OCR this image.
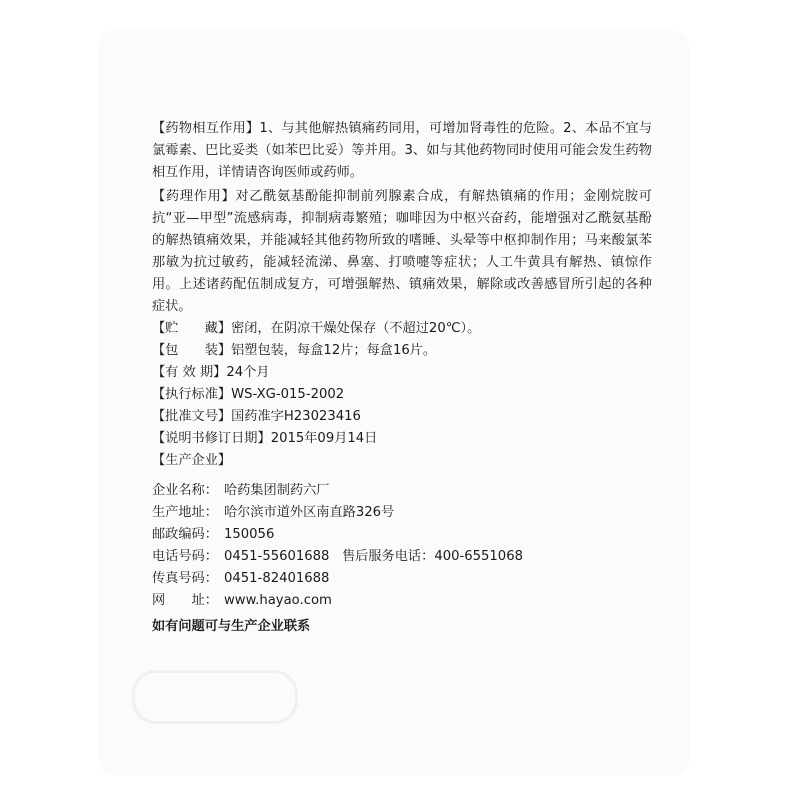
【药物相互作用】1、与其他解热镇痛药同用，可增加肾毒性的危险。2、本品不宜与氯霉素、巴比妥类（如苯巴比妥）等并用。3、如与其他药物同时使用可能会发生药物相互作用，详情请咨询医师或药师。

【药理作用】对乙酰氨基酚能抑制前列腺素合成，有解热镇痛的作用；金刚烷胺可抗“亚—甲型”流感病毒，抑制病毒繁殖；咖啡因为中枢兴奋药，能增强对乙酰氨基酚的解热镇痛效果，并能减轻其他药物所致的嗜睡、头晕等中枢抑制作用；马来酸氯苯那敏为抗过敏药，能减轻流涕、鼻塞、打喷嚏等症状；人工牛黄具有解热、镇惊作用。上述诸药配伍制成复方，可增强解热、镇痛效果，解除或改善感冒所引起的各种症状。

【贮　　藏】密闭，在阴凉干燥处保存（不超过20℃）。
【包　　装】铝塑包装，每盒12片；每盒16片。
【有 效 期】24个月
【执行标准】WS-XG-015-2002
【批准文号】国药准字H23023416
【说明书修订日期】2015年09月14日
【生产企业】
企业名称： 哈药集团制药六厂
生产地址： 哈尔滨市道外区南直路326号
邮政编码： 150056
电话号码： 0451-55601688 售后服务电话：400-6551068
传真号码： 0451-82401688
网　　址： www.hayao.com
如有问题可与生产企业联系
